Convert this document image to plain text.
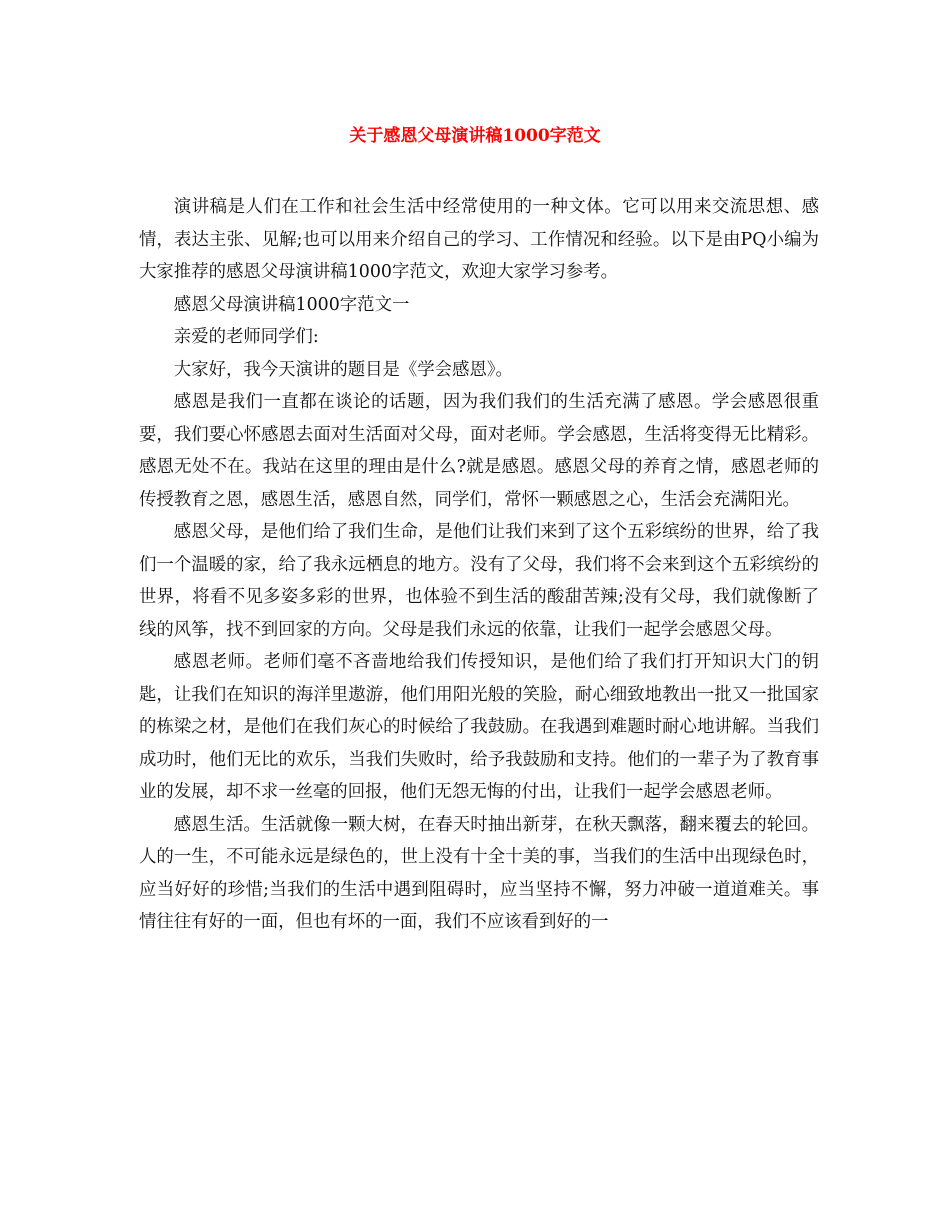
关于感恩父母演讲稿1000字范文

演讲稿是人们在工作和社会生活中经常使用的一种文体。它可以用来交流思想、感情，表达主张、见解;也可以用来介绍自己的学习、工作情况和经验。以下是由PQ小编为大家推荐的感恩父母演讲稿1000字范文，欢迎大家学习参考。

感恩父母演讲稿1000字范文一

亲爱的老师同学们:

大家好，我今天演讲的题目是《学会感恩》。

感恩是我们一直都在谈论的话题，因为我们我们的生活充满了感恩。学会感恩很重要，我们要心怀感恩去面对生活面对父母，面对老师。学会感恩，生活将变得无比精彩。感恩无处不在。我站在这里的理由是什么?就是感恩。感恩父母的养育之情，感恩老师的传授教育之恩，感恩生活，感恩自然，同学们，常怀一颗感恩之心，生活会充满阳光。

感恩父母，是他们给了我们生命，是他们让我们来到了这个五彩缤纷的世界，给了我们一个温暖的家，给了我永远栖息的地方。没有了父母，我们将不会来到这个五彩缤纷的世界，将看不见多姿多彩的世界，也体验不到生活的酸甜苦辣;没有父母，我们就像断了线的风筝，找不到回家的方向。父母是我们永远的依靠，让我们一起学会感恩父母。

感恩老师。老师们毫不吝啬地给我们传授知识，是他们给了我们打开知识大门的钥匙，让我们在知识的海洋里遨游，他们用阳光般的笑脸，耐心细致地教出一批又一批国家的栋梁之材，是他们在我们灰心的时候给了我鼓励。在我遇到难题时耐心地讲解。当我们成功时，他们无比的欢乐，当我们失败时，给予我鼓励和支持。他们的一辈子为了教育事业的发展，却不求一丝毫的回报，他们无怨无悔的付出，让我们一起学会感恩老师。

感恩生活。生活就像一颗大树，在春天时抽出新芽，在秋天飘落，翻来覆去的轮回。人的一生，不可能永远是绿色的，世上没有十全十美的事，当我们的生活中出现绿色时，应当好好的珍惜;当我们的生活中遇到阻碍时，应当坚持不懈，努力冲破一道道难关。事情往往有好的一面，但也有坏的一面，我们不应该看到好的一
